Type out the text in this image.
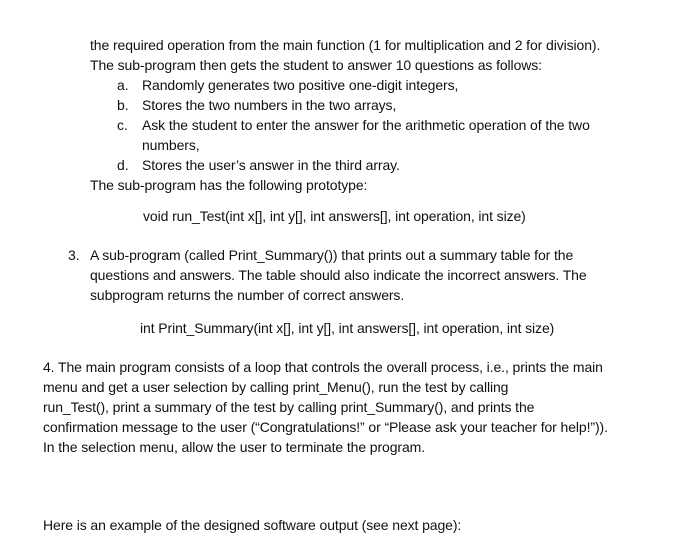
the required operation from the main function (1 for multiplication and 2 for division).
The sub-program then gets the student to answer 10 questions as follows:
a. Randomly generates two positive one-digit integers,
b. Stores the two numbers in the two arrays,
c. Ask the student to enter the answer for the arithmetic operation of the two
numbers,
d. Stores the user’s answer in the third array.
The sub-program has the following prototype:
void run_Test(int x[], int y[], int answers[], int operation, int size)
3. A sub-program (called Print_Summary()) that prints out a summary table for the
questions and answers. The table should also indicate the incorrect answers. The
subprogram returns the number of correct answers.
int Print_Summary(int x[], int y[], int answers[], int operation, int size)
4. The main program consists of a loop that controls the overall process, i.e., prints the main
menu and get a user selection by calling print_Menu(), run the test by calling
run_Test(), print a summary of the test by calling print_Summary(), and prints the
confirmation message to the user (“Congratulations!” or “Please ask your teacher for help!”)).
In the selection menu, allow the user to terminate the program.
Here is an example of the designed software output (see next page):
